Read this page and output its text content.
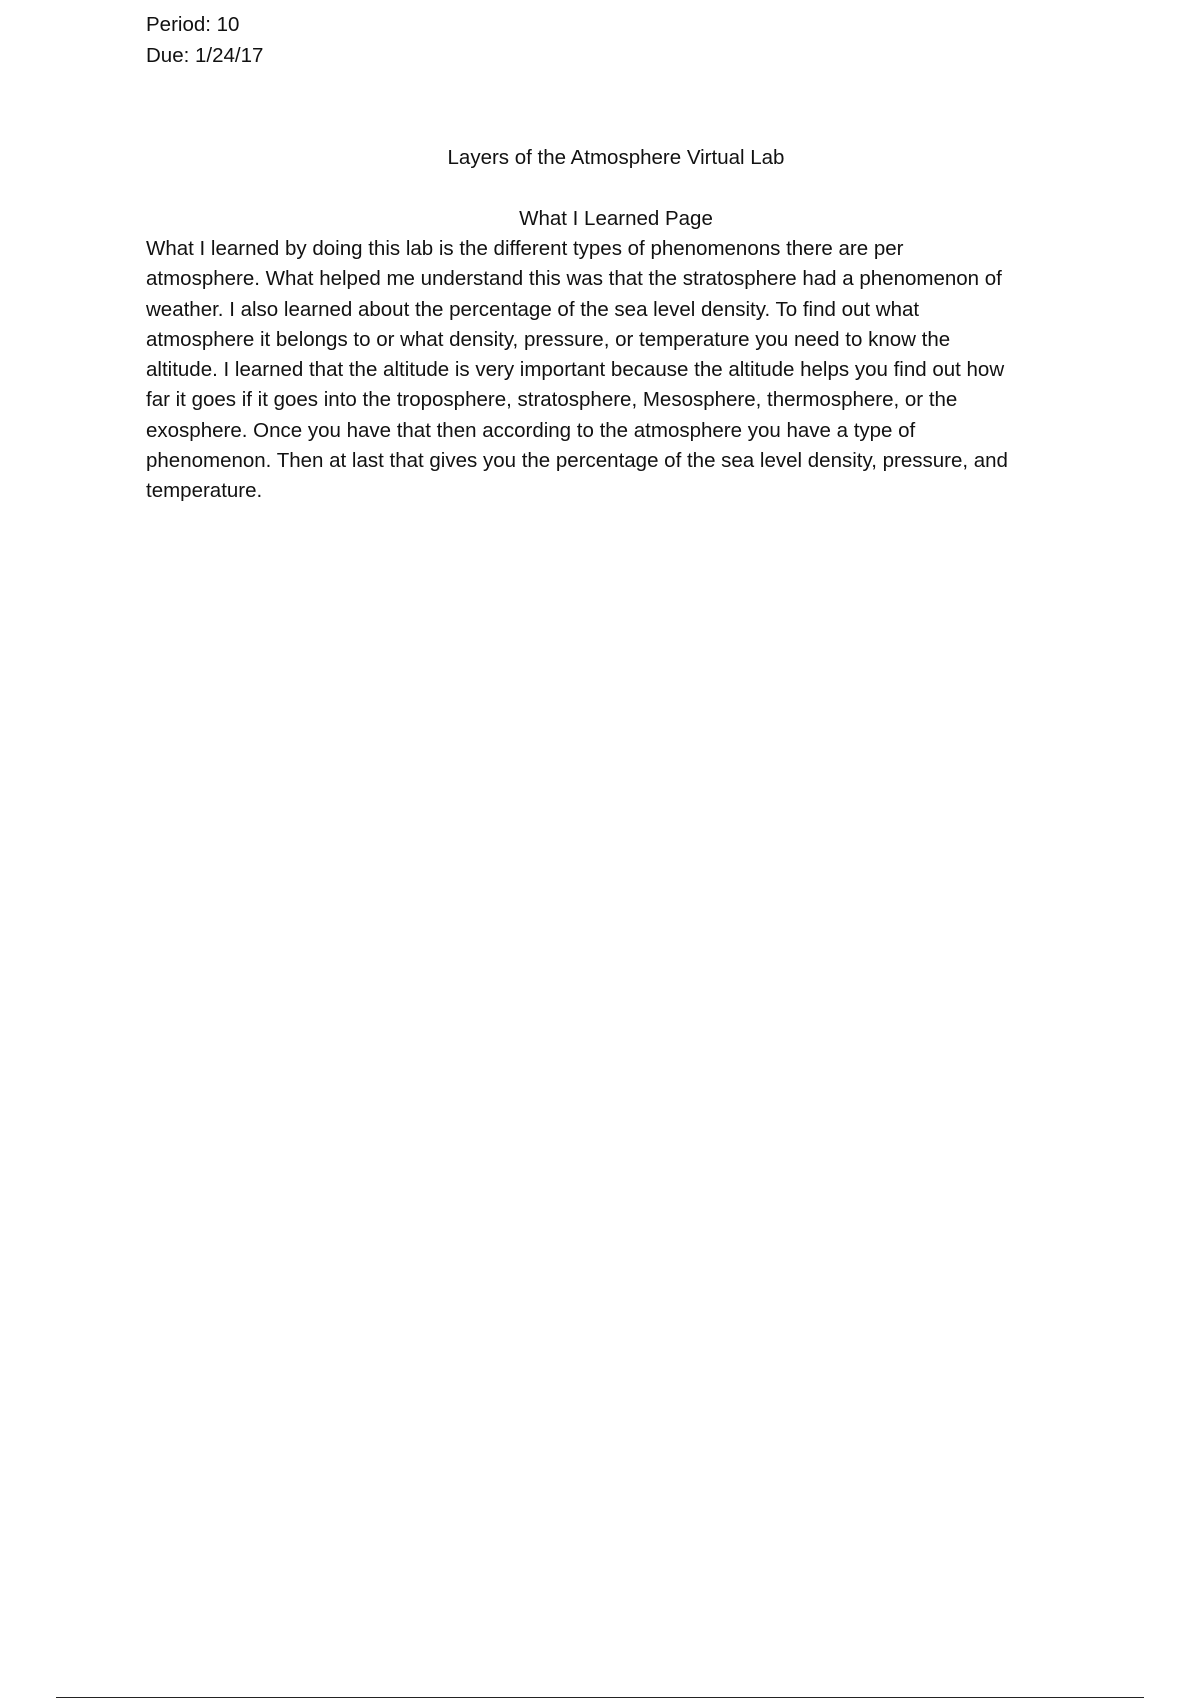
Period: 10
Due: 1/24/17
Layers of the Atmosphere Virtual Lab
What I Learned Page
What I learned by doing this lab is the different types of phenomenons there are per
atmosphere. What helped me understand this was that the stratosphere had a phenomenon of
weather. I also learned about the percentage of the sea level density. To find out what
atmosphere it belongs to or what density, pressure, or temperature you need to know the
altitude. I learned that the altitude is very important because the altitude helps you find out how
far it goes if it goes into the troposphere, stratosphere, Mesosphere, thermosphere, or the
exosphere. Once you have that then according to the atmosphere you have a type of
phenomenon. Then at last that gives you the percentage of the sea level density, pressure, and
temperature.
